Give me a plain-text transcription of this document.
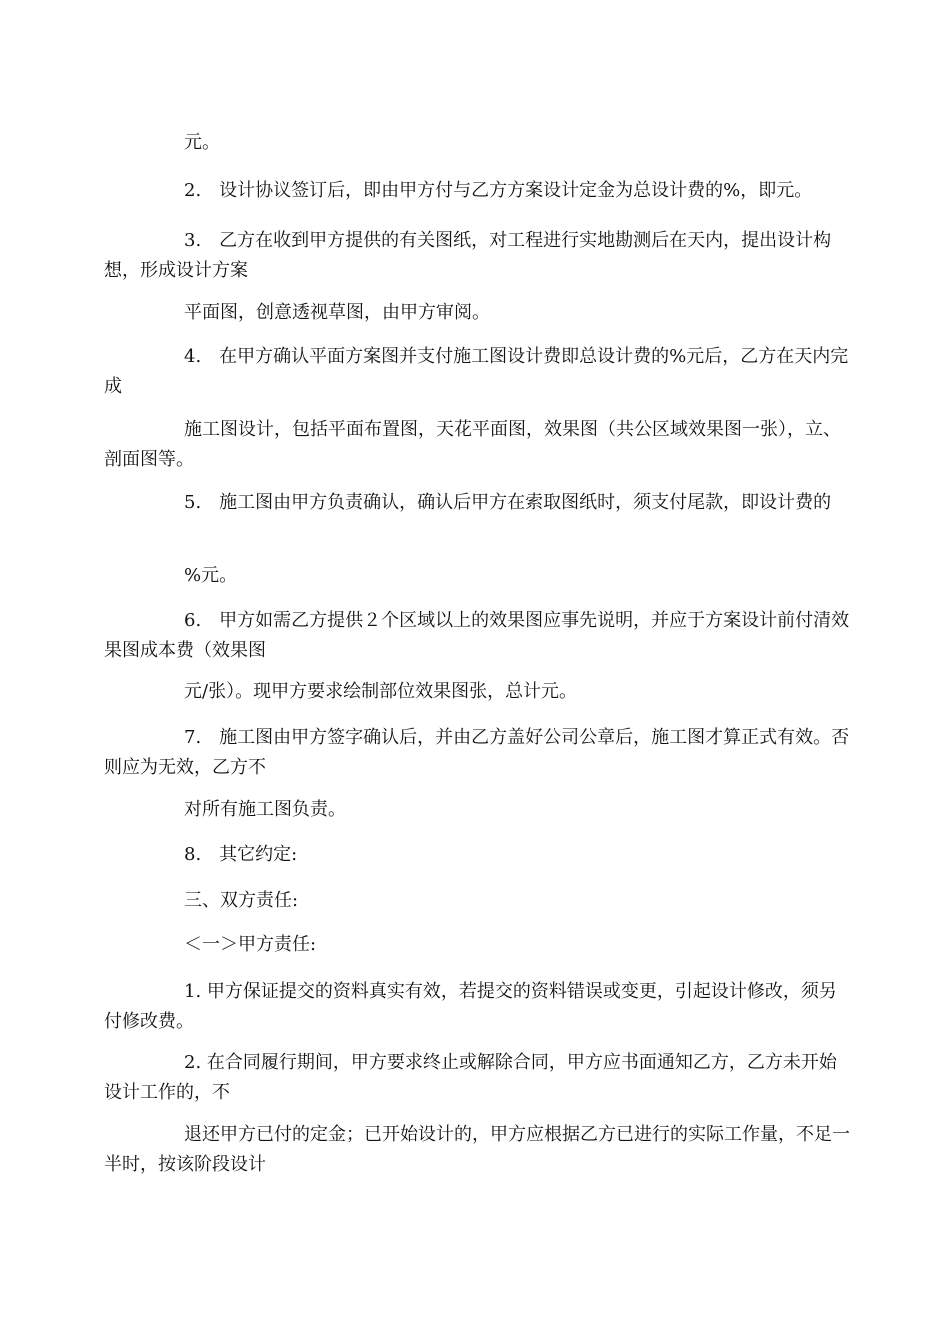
元。

2.　设计协议签订后，即由甲方付与乙方方案设计定金为总设计费的%，即元。

3.　乙方在收到甲方提供的有关图纸，对工程进行实地勘测后在天内，提出设计构想，形成设计方案

平面图，创意透视草图，由甲方审阅。

4.　在甲方确认平面方案图并支付施工图设计费即总设计费的%元后，乙方在天内完成

施工图设计，包括平面布置图，天花平面图，效果图（共公区域效果图一张），立、剖面图等。

5.　施工图由甲方负责确认，确认后甲方在索取图纸时，须支付尾款，即设计费的

%元。

6.　甲方如需乙方提供２个区域以上的效果图应事先说明，并应于方案设计前付清效果图成本费（效果图

元/张）。现甲方要求绘制部位效果图张，总计元。

7.　施工图由甲方签字确认后，并由乙方盖好公司公章后，施工图才算正式有效。否则应为无效，乙方不

对所有施工图负责。

8.　其它约定:

三、双方责任:

＜一＞甲方责任:

1. 甲方保证提交的资料真实有效，若提交的资料错误或变更，引起设计修改，须另付修改费。

2. 在合同履行期间，甲方要求终止或解除合同，甲方应书面通知乙方，乙方未开始设计工作的，不

退还甲方已付的定金；已开始设计的，甲方应根据乙方已进行的实际工作量，不足一半时，按该阶段设计
